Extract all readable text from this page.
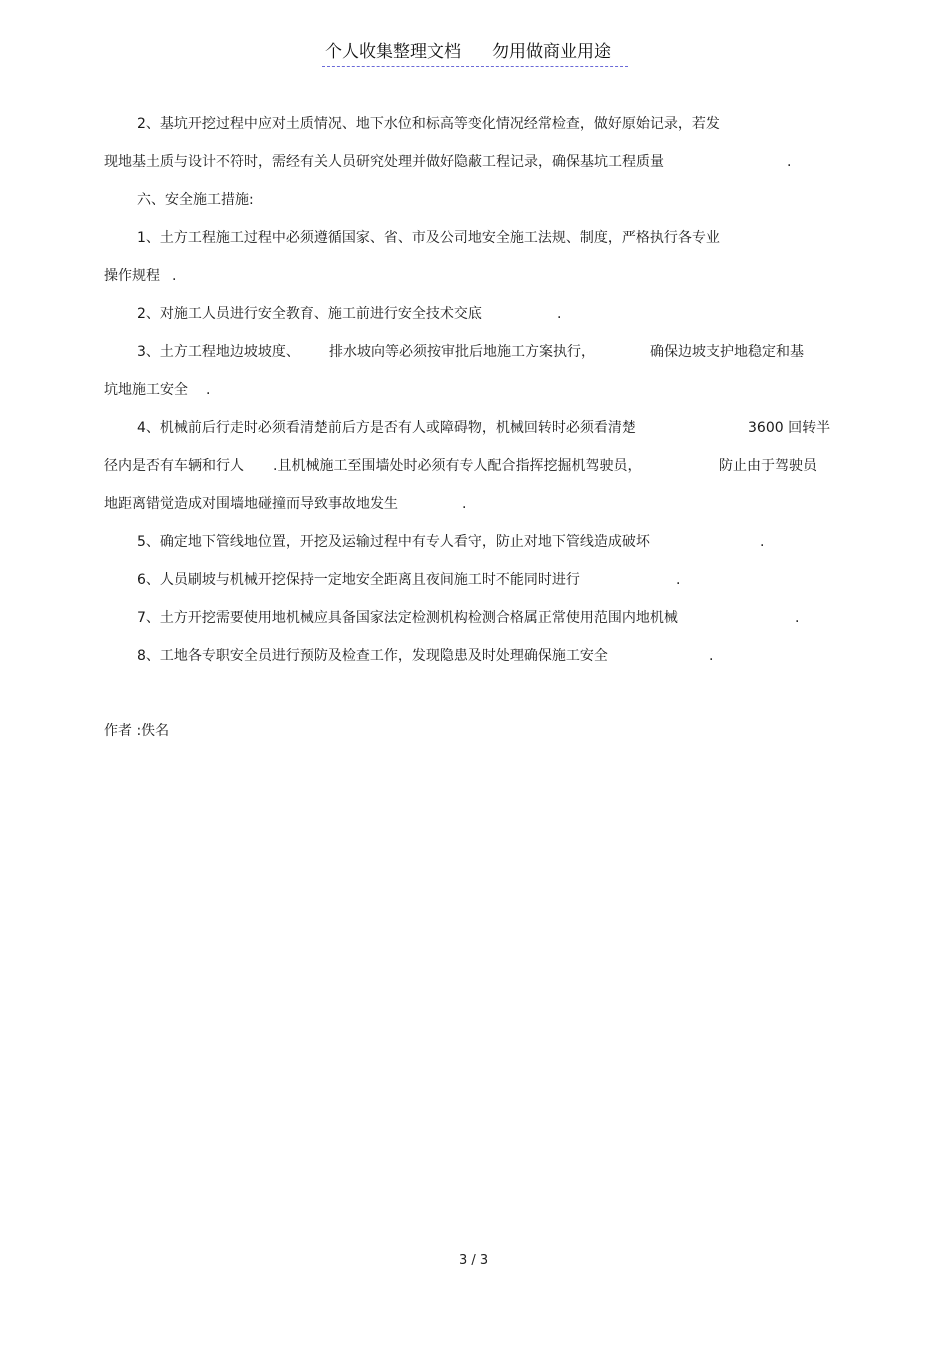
个人收集整理文档

勿用做商业用途

2、基坑开挖过程中应对土质情况、地下水位和标高等变化情况经常检查，做好原始记录，若发
现地基土质与设计不符时，需经有关人员研究处理并做好隐蔽工程记录，确保基坑工程质量	.
六、安全施工措施:
1、土方工程施工过程中必须遵循国家、省、市及公司地安全施工法规、制度，严格执行各专业
操作规程 .
2、对施工人员进行安全教育、施工前进行安全技术交底	.
3、土方工程地边坡坡度、 排水坡向等必须按审批后地施工方案执行，	确保边坡支护地稳定和基
坑地施工安全 .
4、机械前后行走时必须看清楚前后方是否有人或障碍物，机械回转时必须看清楚	3600 回转半
径内是否有车辆和行人 .且机械施工至围墙处时必须有专人配合指挥挖掘机驾驶员，	防止由于驾驶员
地距离错觉造成对围墙地碰撞而导致事故地发生	.
5、确定地下管线地位置，开挖及运输过程中有专人看守，防止对地下管线造成破坏	.
6、人员刷坡与机械开挖保持一定地安全距离且夜间施工时不能同时进行	.
7、土方开挖需要使用地机械应具备国家法定检测机构检测合格属正常使用范围内地机械	.
8、工地各专职安全员进行预防及检查工作，发现隐患及时处理确保施工安全	.
作者 :佚名
3 / 3
